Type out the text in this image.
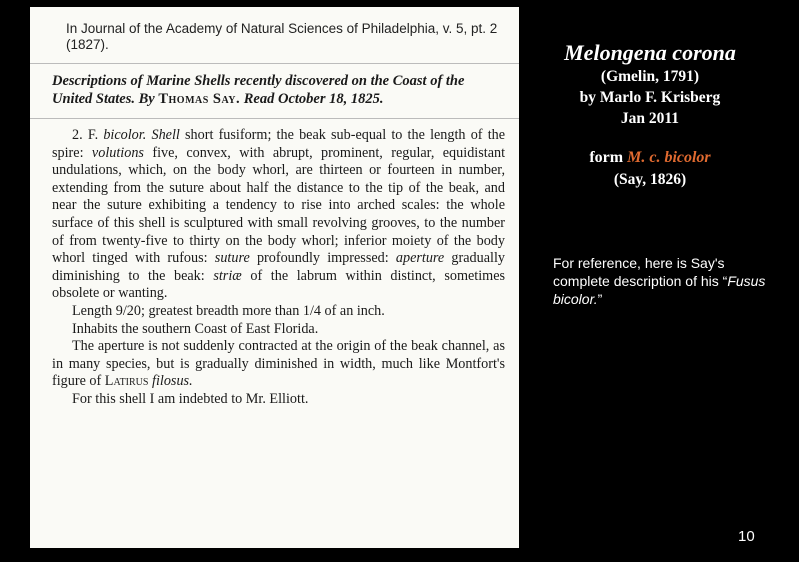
In Journal of the Academy of Natural Sciences of Philadelphia, v. 5, pt. 2 (1827).
Descriptions of Marine Shells recently discovered on the Coast of the United States. By Thomas Say. Read October 18, 1825.

2. F. bicolor. Shell short fusiform; the beak sub-equal to the length of the spire: volutions five, convex, with abrupt, prominent, regular, equidistant undulations, which, on the body whorl, are thirteen or fourteen in number, extending from the suture about half the distance to the tip of the beak, and near the suture exhibiting a tendency to rise into arched scales: the whole surface of this shell is sculptured with small revolving grooves, to the number of from twenty-five to thirty on the body whorl; inferior moiety of the body whorl tinged with rufous: suture profoundly impressed: aperture gradually diminishing to the beak: striæ of the labrum within distinct, sometimes obsolete or wanting.

Length 9/20; greatest breadth more than 1/4 of an inch.

Inhabits the southern Coast of East Florida.

The aperture is not suddenly contracted at the origin of the beak channel, as in many species, but is gradually diminished in width, much like Montfort's figure of Latirus filosus.

For this shell I am indebted to Mr. Elliott.

Melongena corona
(Gmelin, 1791)
by Marlo F. Krisberg
Jan 2011
form M. c. bicolor
(Say, 1826)
For reference, here is Say's complete description of his “Fusus bicolor.”
10
